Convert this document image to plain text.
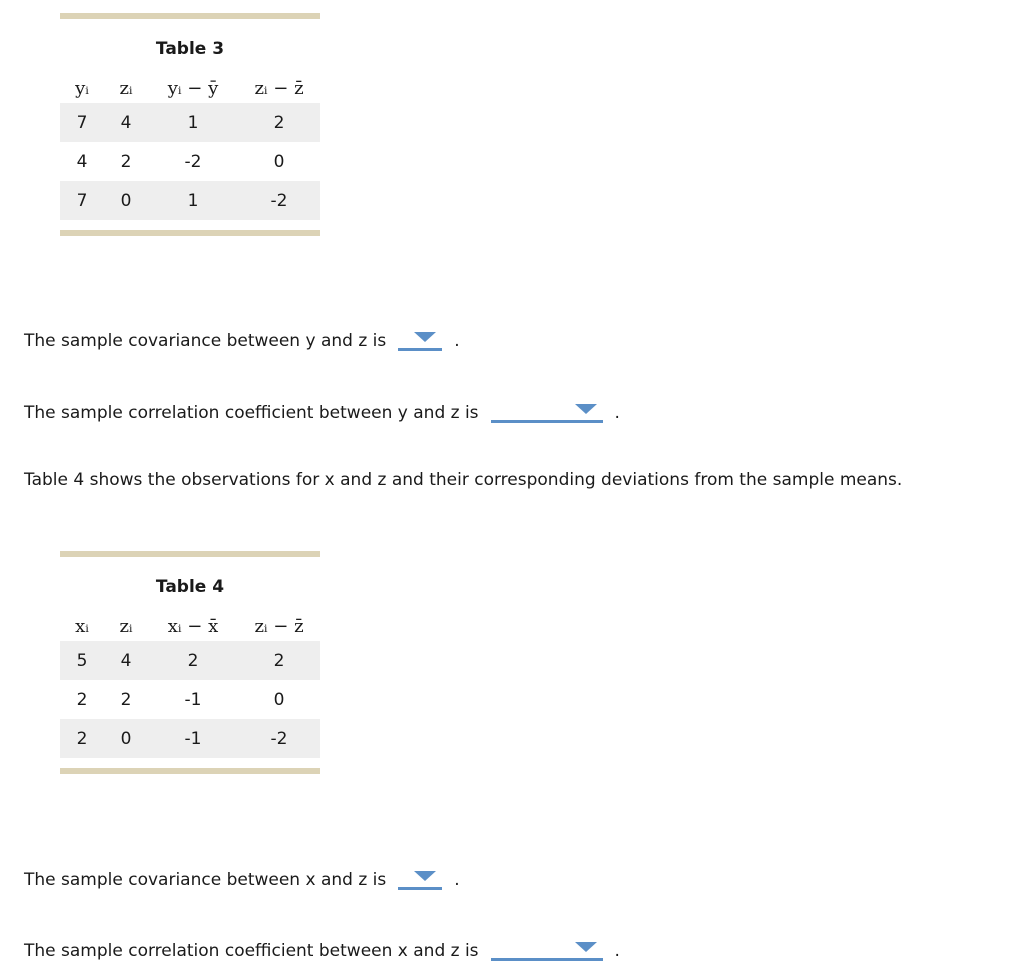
Table 3
yᵢ	zᵢ	yᵢ − ȳ	zᵢ − z̄
7	4	1	2
4	2	-2	0
7	0	1	-2
The sample covariance between y and z is	.
The sample correlation coefficient between y and z is	.
Table 4 shows the observations for x and z and their corresponding deviations from the sample means.
Table 4
xᵢ	zᵢ	xᵢ − x̄	zᵢ − z̄
5	4	2	2
2	2	-1	0
2	0	-1	-2
The sample covariance between x and z is	.
The sample correlation coefficient between x and z is	.
